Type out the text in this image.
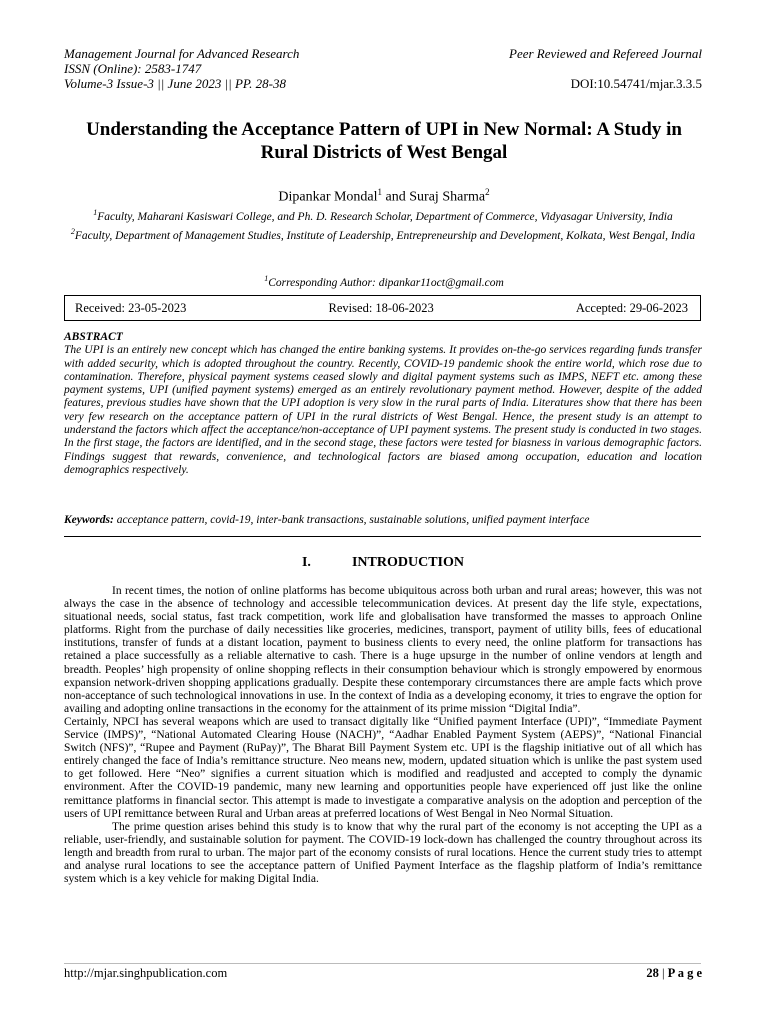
Management Journal for Advanced Research	Peer Reviewed and Refereed Journal
ISSN (Online): 2583-1747
Volume-3 Issue-3 || June 2023 || PP. 28-38	DOI:10.54741/mjar.3.3.5
Understanding the Acceptance Pattern of UPI in New Normal: A Study in Rural Districts of West Bengal
Dipankar Mondal$^1$ and Suraj Sharma$^2$

$^1$Faculty, Maharani Kasiswari College, and Ph. D. Research Scholar, Department of Commerce, Vidyasagar University, India

$^2$Faculty, Department of Management Studies, Institute of Leadership, Entrepreneurship and Development, Kolkata, West Bengal, India

$^1$Corresponding Author: dipankar11oct@gmail.com
Received: 23-05-2023	Revised: 18-06-2023	Accepted: 29-06-2023

ABSTRACT

The UPI is an entirely new concept which has changed the entire banking systems. It provides on-the-go services regarding funds transfer with added security, which is adopted throughout the country. Recently, COVID-19 pandemic shook the entire world, which rose due to contamination. Therefore, physical payment systems ceased slowly and digital payment systems such as IMPS, NEFT etc. among these payment systems, UPI (unified payment systems) emerged as an entirely revolutionary payment method. However, despite of the added features, previous studies have shown that the UPI adoption is very slow in the rural parts of India. Literatures show that there has been very few research on the acceptance pattern of UPI in the rural districts of West Bengal. Hence, the present study is an attempt to understand the factors which affect the acceptance/non-acceptance of UPI payment systems. The present study is conducted in two stages. In the first stage, the factors are identified, and in the second stage, these factors were tested for biasness in various demographic factors. Findings suggest that rewards, convenience, and technological factors are biased among occupation, education and location demographics respectively.

Keywords: acceptance pattern, covid-19, inter-bank transactions, sustainable solutions, unified payment interface
I.	INTRODUCTION

In recent times, the notion of online platforms has become ubiquitous across both urban and rural areas; however, this was not always the case in the absence of technology and accessible telecommunication devices. At present day the life style, expectations, situational needs, social status, fast track competition, work life and globalisation have transformed the masses to approach Online platforms. Right from the purchase of daily necessities like groceries, medicines, transport, payment of utility bills, fees of educational institutions, transfer of funds at a distant location, payment to business clients to every need, the online platform for transactions has retained a place successfully as a reliable alternative to cash. There is a huge upsurge in the number of online vendors at length and breadth. Peoples’ high propensity of online shopping reflects in their consumption behaviour which is strongly empowered by enormous expansion network-driven shopping applications gradually. Despite these contemporary circumstances there are ample facts which prove non-acceptance of such technological innovations in use. In the context of India as a developing economy, it tries to engrave the option for availing and adopting online transactions in the economy for the attainment of its prime mission “Digital India”.

Certainly, NPCI has several weapons which are used to transact digitally like “Unified payment Interface (UPI)”, “Immediate Payment Service (IMPS)”, “National Automated Clearing House (NACH)”, “Aadhar Enabled Payment System (AEPS)”, “National Financial Switch (NFS)”, “Rupee and Payment (RuPay)”, The Bharat Bill Payment System etc. UPI is the flagship initiative out of all which has entirely changed the face of India’s remittance structure. Neo means new, modern, updated situation which is unlike the past system used to get followed. Here “Neo” signifies a current situation which is modified and readjusted and accepted to comply the dynamic environment. After the COVID-19 pandemic, many new learning and opportunities people have experienced off just like the online remittance platforms in financial sector. This attempt is made to investigate a comparative analysis on the adoption and perception of the users of UPI remittance between Rural and Urban areas at preferred locations of West Bengal in Neo Normal Situation.

The prime question arises behind this study is to know that why the rural part of the economy is not accepting the UPI as a reliable, user-friendly, and sustainable solution for payment. The COVID-19 lock-down has challenged the country throughout across its length and breadth from rural to urban. The major part of the economy consists of rural locations. Hence the current study tries to attempt and analyse rural locations to see the acceptance pattern of Unified Payment Interface as the flagship platform of India’s remittance system which is a key vehicle for making Digital India.

http://mjar.singhpublication.com	28 | P a g e
